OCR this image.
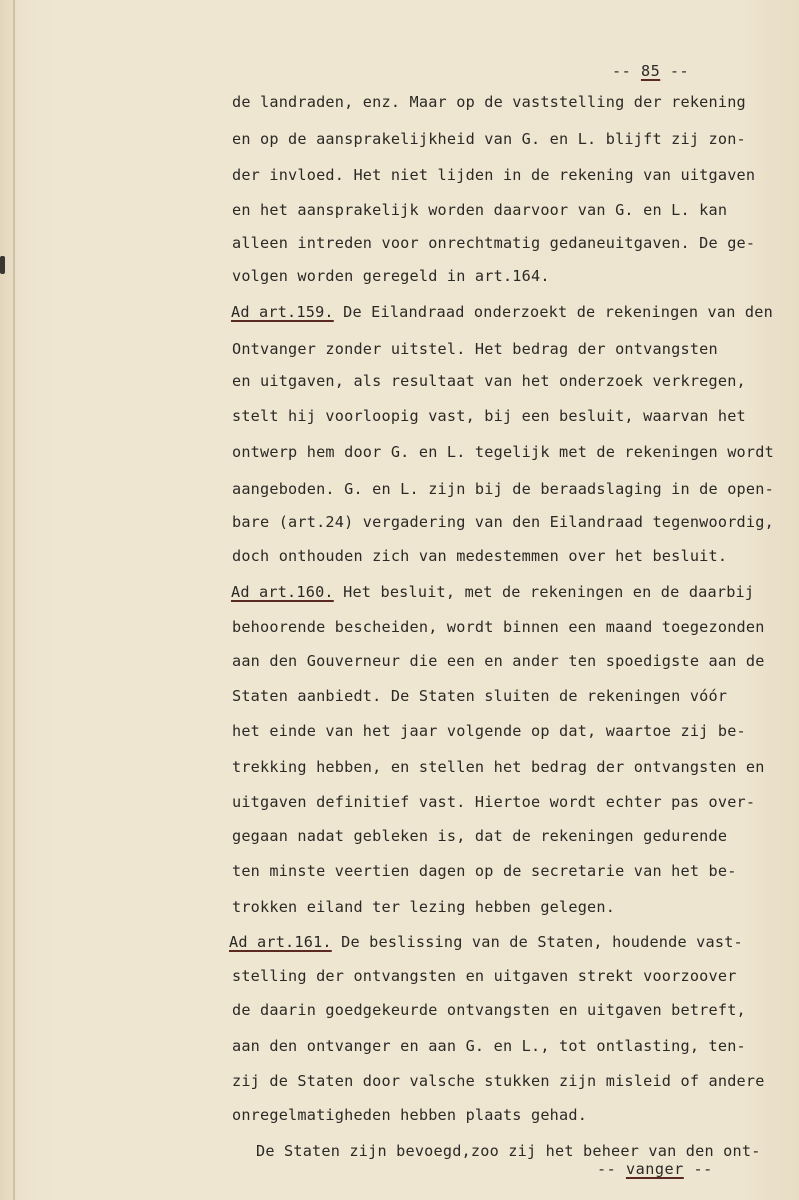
-- 85 --
de landraden, enz. Maar op de vaststelling der rekening
en op de aansprakelijkheid van G. en L. blijft zij zon-
der invloed. Het niet lijden in de rekening van uitgaven
en het aansprakelijk worden daarvoor van G. en L. kan
alleen intreden voor onrechtmatig gedaneuitgaven. De ge-
volgen worden geregeld in art.164.
Ad art.159. De Eilandraad onderzoekt de rekeningen van den
Ontvanger zonder uitstel. Het bedrag der ontvangsten
en uitgaven, als resultaat van het onderzoek verkregen,
stelt hij voorloopig vast, bij een besluit, waarvan het
ontwerp hem door G. en L. tegelijk met de rekeningen wordt
aangeboden. G. en L. zijn bij de beraadslaging in de open-
bare (art.24) vergadering van den Eilandraad tegenwoordig,
doch onthouden zich van medestemmen over het besluit.
Ad art.160. Het besluit, met de rekeningen en de daarbij
behoorende bescheiden, wordt binnen een maand toegezonden
aan den Gouverneur die een en ander ten spoedigste aan de
Staten aanbiedt. De Staten sluiten de rekeningen vóór
het einde van het jaar volgende op dat, waartoe zij be-
trekking hebben, en stellen het bedrag der ontvangsten en
uitgaven definitief vast. Hiertoe wordt echter pas over-
gegaan nadat gebleken is, dat de rekeningen gedurende
ten minste veertien dagen op de secretarie van het be-
trokken eiland ter lezing hebben gelegen.
Ad art.161. De beslissing van de Staten, houdende vast-
stelling der ontvangsten en uitgaven strekt voorzoover
de daarin goedgekeurde ontvangsten en uitgaven betreft,
aan den ontvanger en aan G. en L., tot ontlasting, ten-
zij de Staten door valsche stukken zijn misleid of andere
onregelmatigheden hebben plaats gehad.
De Staten zijn bevoegd,zoo zij het beheer van den ont-
-- vanger --
